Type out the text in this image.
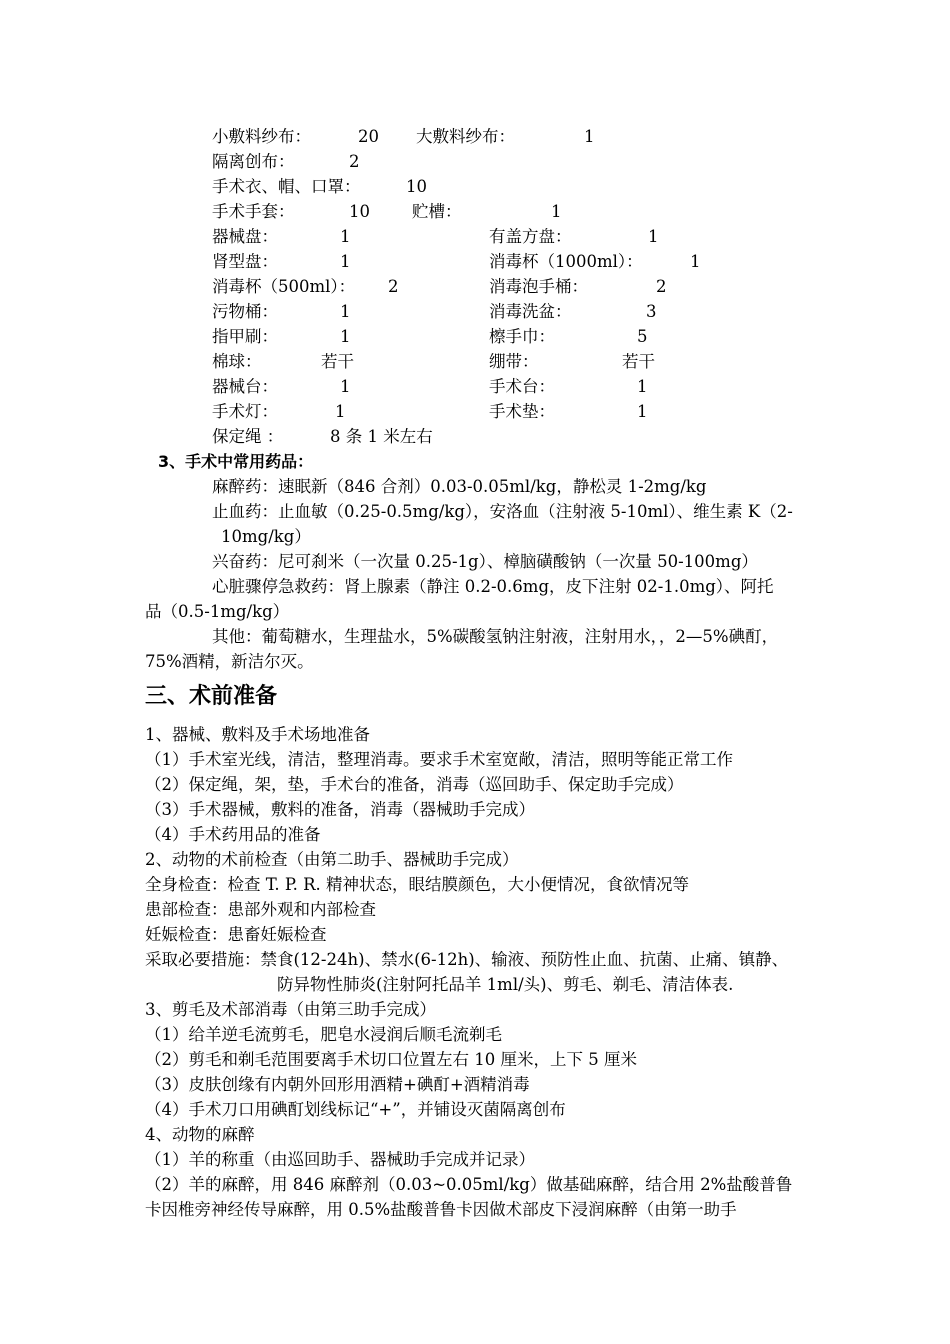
小敷料纱布：	20 大敷料纱布：	1
隔离创布：	2
手术衣、帽、口罩：	10
手术手套：	10	贮槽：	1
器械盘：	1	有盖方盘：	1
肾型盘：	1	消毒杯（1000ml）：	1
消毒杯（500ml）： 2	消毒泡手桶：	2
污物桶：	1	消毒洗盆：	3
指甲刷：	1	檫手巾：	5
棉球：	若干	绷带：	若干
器械台：	1	手术台：	1
手术灯：	1	手术垫：	1
保定绳 ：	8 条 1 米左右
3、手术中常用药品：
麻醉药：速眠新（846 合剂）0.03-0.05ml/kg，静松灵 1-2mg/kg
止血药：止血敏（0.25-0.5mg/kg），安洛血（注射液 5-10ml）、维生素 K（2-
10mg/kg）
兴奋药：尼可刹米（一次量 0.25-1g）、樟脑磺酸钠（一次量 50-100mg）
心脏骤停急救药：肾上腺素（静注 0.2-0.6mg，皮下注射 02-1.0mg）、阿托
品（0.5-1mg/kg）
其他：葡萄糖水，生理盐水，5%碳酸氢钠注射液，注射用水，，2—5%碘酊，
75%酒精，新洁尔灭。
三、术前准备
1、器械、敷料及手术场地准备
（1）手术室光线，清洁，整理消毒。要求手术室宽敞，清洁，照明等能正常工作
（2）保定绳，架，垫，手术台的准备，消毒（巡回助手、保定助手完成）
（3）手术器械，敷料的准备，消毒（器械助手完成）
（4）手术药用品的准备
2、动物的术前检查（由第二助手、器械助手完成）
全身检查：检查 T. P. R. 精神状态，眼结膜颜色，大小便情况，食欲情况等
患部检查：患部外观和内部检查
妊娠检查：患畜妊娠检查
采取必要措施：禁食(12-24h)、禁水(6-12h)、输液、预防性止血、抗菌、止痛、镇静、
防异物性肺炎(注射阿托品羊 1ml/头)、剪毛、剃毛、清洁体表.
3、剪毛及术部消毒（由第三助手完成）
（1）给羊逆毛流剪毛，肥皂水浸润后顺毛流剃毛
（2）剪毛和剃毛范围要离手术切口位置左右 10 厘米，上下 5 厘米
（3）皮肤创缘有内朝外回形用酒精+碘酊+酒精消毒
（4）手术刀口用碘酊划线标记“+”，并铺设灭菌隔离创布
4、动物的麻醉
（1）羊的称重（由巡回助手、器械助手完成并记录）
（2）羊的麻醉，用 846 麻醉剂（0.03~0.05ml/kg）做基础麻醉，结合用 2%盐酸普鲁
卡因椎旁神经传导麻醉，用 0.5%盐酸普鲁卡因做术部皮下浸润麻醉（由第一助手
